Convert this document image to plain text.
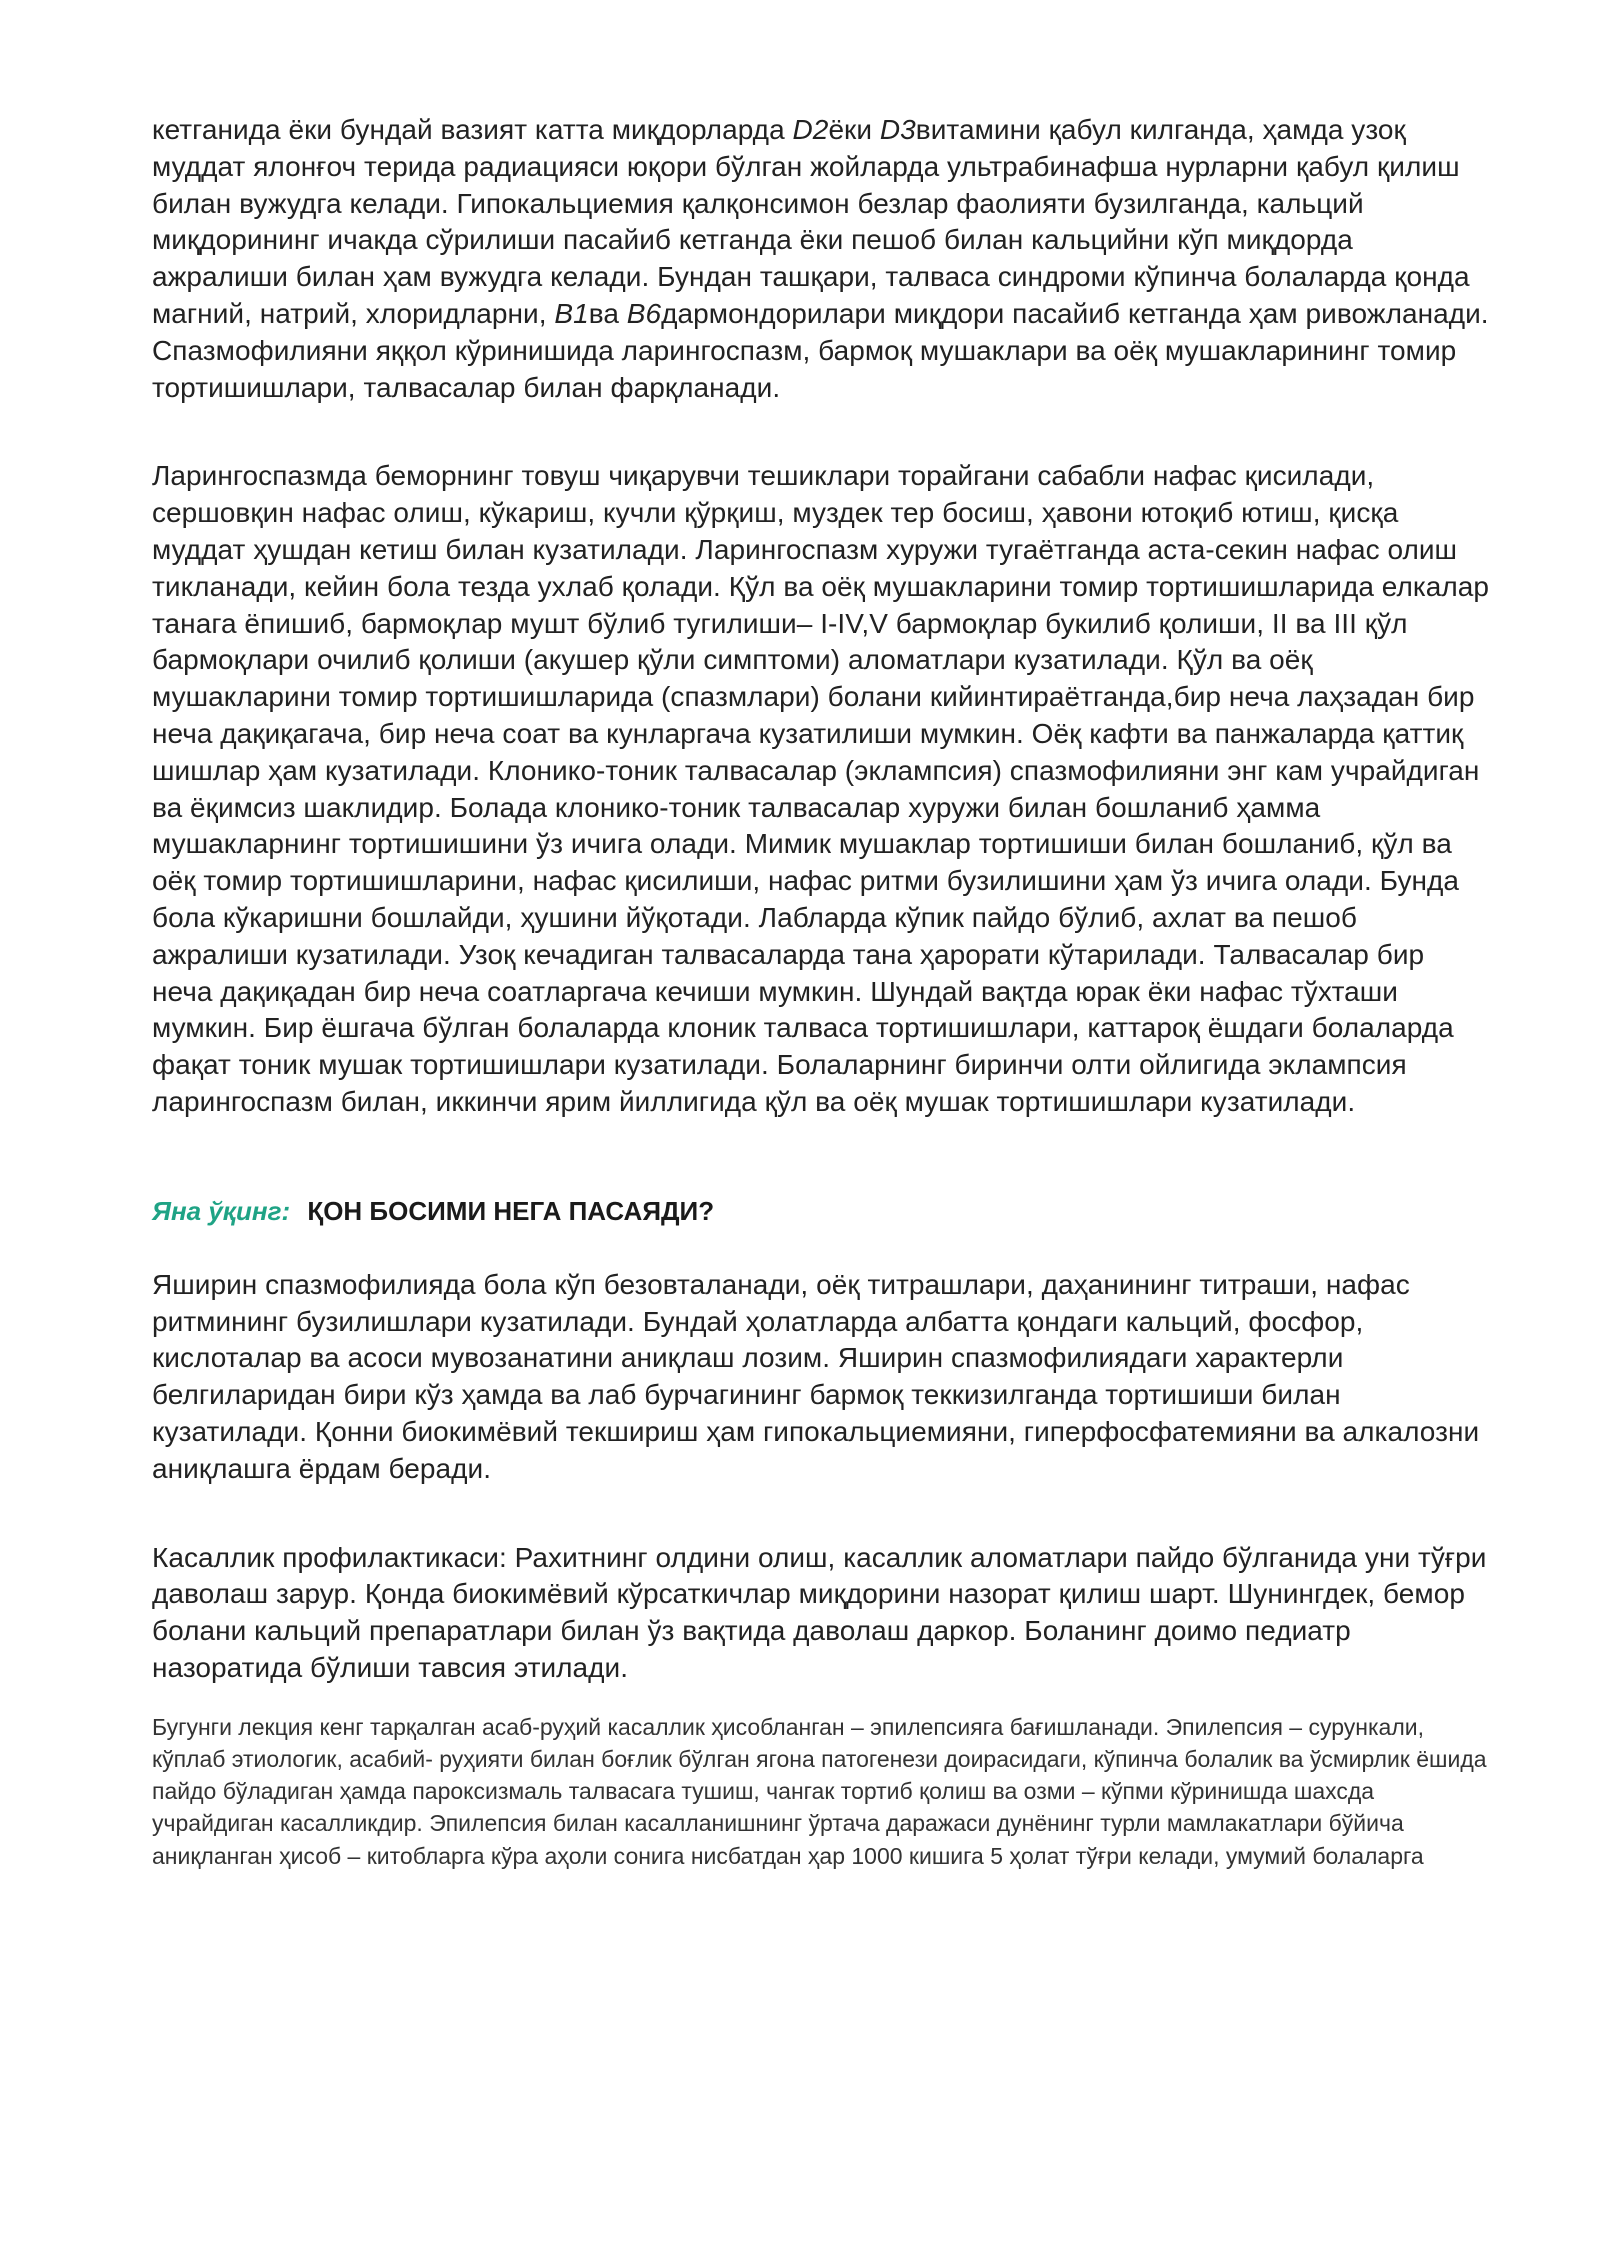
кетганида ёки бундай вазият катта миқдорларда D2ёки D3витамини қабул килганда, ҳамда узоқ муддат ялонғоч терида радиацияси юқори бўлган жойларда ультрабинафша нурларни қабул қилиш билан вужудга келади. Гипокальциемия қалқонсимон безлар фаолияти бузилганда, кальций миқдорининг ичакда сўрилиши пасайиб кетганда ёки пешоб билан кальцийни кўп миқдорда ажралиши билан ҳам вужудга келади. Бундан ташқари, талваса синдроми кўпинча болаларда қонда магний, натрий, хлоридларни, B1ва B6дармондорилари миқдори пасайиб кетганда ҳам ривожланади. Спазмофилияни яққол кўринишида ларингоспазм, бармоқ мушаклари ва оёқ мушакларининг томир тортишишлари, талвасалар билан фарқланади.

Ларингоспазмда беморнинг товуш чиқарувчи тешиклари торайгани сабабли нафас қисилади, сершовқин нафас олиш, кўкариш, кучли қўрқиш, муздек тер босиш, ҳавони ютоқиб ютиш, қисқа муддат ҳушдан кетиш билан кузатилади. Ларингоспазм хуружи тугаётганда аста-секин нафас олиш тикланади, кейин бола тезда ухлаб қолади. Қўл ва оёқ мушакларини томир тортишишларида елкалар танага ёпишиб, бармоқлар мушт бўлиб тугилиши– I-IV,V бармоқлар букилиб қолиши, II ва III қўл бармоқлари очилиб қолиши (акушер қўли симптоми) аломатлари кузатилади. Қўл ва оёқ мушакларини томир тортишишларида (спазмлари) болани кийинтираётганда,бир неча лаҳзадан бир неча дақиқагача, бир неча соат ва кунларгача кузатилиши мумкин. Оёқ кафти ва панжаларда қаттиқ шишлар ҳам кузатилади. Клонико-тоник талвасалар (эклампсия) спазмофилияни энг кам учрайдиган ва ёқимсиз шаклидир. Болада клонико-тоник талвасалар хуружи билан бошланиб ҳамма мушакларнинг тортишишини ўз ичига олади. Мимик мушаклар тортишиши билан бошланиб, қўл ва оёқ томир тортишишларини, нафас қисилиши, нафас ритми бузилишини ҳам ўз ичига олади. Бунда бола кўкаришни бошлайди, ҳушини йўқотади. Лабларда кўпик пайдо бўлиб, ахлат ва пешоб ажралиши кузатилади. Узоқ кечадиган талвасаларда тана ҳарорати кўтарилади. Талвасалар бир неча дақиқадан бир неча соатларгача кечиши мумкин. Шундай вақтда юрак ёки нафас тўхташи мумкин. Бир ёшгача бўлган болаларда клоник талваса тортишишлари, каттароқ ёшдаги болаларда фақат тоник мушак тортишишлари кузатилади. Болаларнинг биринчи олти ойлигида эклампсия ларингоспазм билан, иккинчи ярим йиллигида қўл ва оёқ мушак тортишишлари кузатилади.

Яна ўқинг: ҚОН БОСИМИ НЕГА ПАСАЯДИ?

Яширин спазмофилияда бола кўп безовталанади, оёқ титрашлари, даҳанининг титраши, нафас ритмининг бузилишлари кузатилади. Бундай ҳолатларда албатта қондаги кальций, фосфор, кислоталар ва асоси мувозанатини аниқлаш лозим. Яширин спазмофилиядаги характерли белгиларидан бири кўз ҳамда ва лаб бурчагининг бармоқ теккизилганда тортишиши билан кузатилади. Қонни биокимёвий текшириш ҳам гипокальциемияни, гиперфосфатемияни ва алкалозни аниқлашга ёрдам беради.

Касаллик профилактикаси: Рахитнинг олдини олиш, касаллик аломатлари пайдо бўлганида уни тўғри даволаш зарур. Қонда биокимёвий кўрсаткичлар миқдорини назорат қилиш шарт. Шунингдек, бемор болани кальций препаратлари билан ўз вақтида даволаш даркор. Боланинг доимо педиатр назоратида бўлиши тавсия этилади.

Бугунги лекция кенг тарқалган асаб-руҳий касаллик ҳисобланган – эпилепсияга бағишланади. Эпилепсия – сурункали, кўплаб этиологик, асабий- руҳияти билан боғлик бўлган ягона патогенези доирасидаги, кўпинча болалик ва ўсмирлик ёшида пайдо бўладиган ҳамда пароксизмаль талвасага тушиш, чангак тортиб қолиш ва озми – кўпми кўринишда шахсда учрайдиган касалликдир. Эпилепсия билан касалланишнинг ўртача даражаси дунёнинг турли мамлакатлари бўйича аниқланган ҳисоб – китобларга кўра аҳоли сонига нисбатдан ҳар 1000 кишига 5 ҳолат тўғри келади, умумий болаларга
